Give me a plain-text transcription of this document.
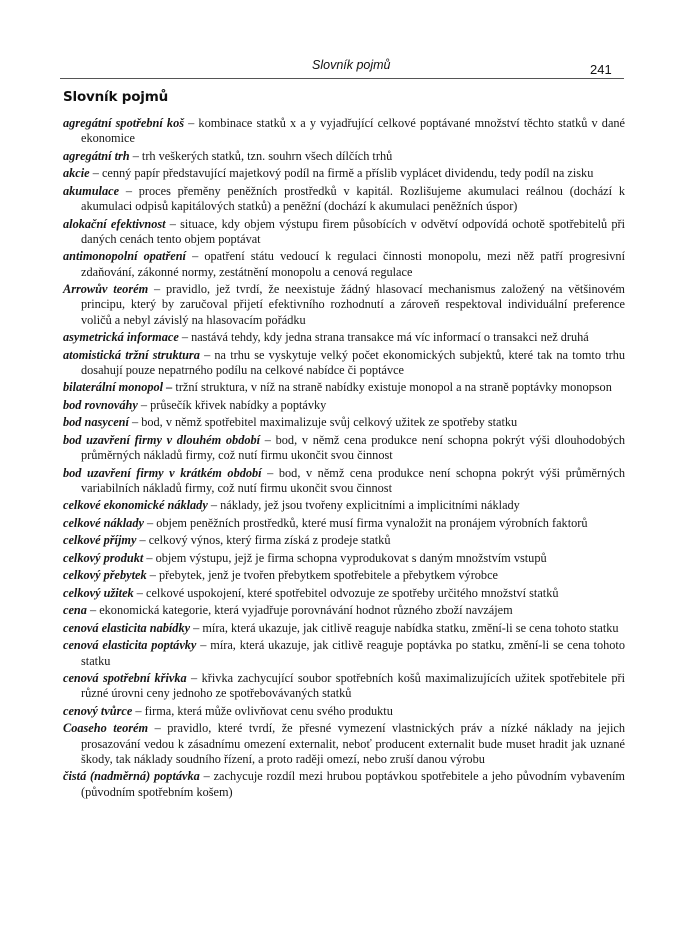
Slovník pojmů	241
Slovník pojmů

agregátní spotřební koš – kombinace statků x a y vyjadřující celkové poptávané množství těchto statků v dané ekonomice

agregátní trh – trh veškerých statků, tzn. souhrn všech dílčích trhů

akcie – cenný papír představující majetkový podíl na firmě a příslib vyplácet dividendu, tedy podíl na zisku

akumulace – proces přeměny peněžních prostředků v kapitál. Rozlišujeme akumulaci reálnou (dochází k akumulaci odpisů kapitálových statků) a peněžní (dochází k akumulaci peněžních úspor)

alokační efektivnost – situace, kdy objem výstupu firem působících v odvětví odpovídá ochotě spotřebitelů při daných cenách tento objem poptávat

antimonopolní opatření – opatření státu vedoucí k regulaci činnosti monopolu, mezi něž patří progresivní zdaňování, zákonné normy, zestátnění monopolu a cenová regulace

Arrowův teorém – pravidlo, jež tvrdí, že neexistuje žádný hlasovací mechanismus založený na většinovém principu, který by zaručoval přijetí efektivního rozhodnutí a zároveň respektoval individuální preference voličů a nebyl závislý na hlasovacím pořádku

asymetrická informace – nastává tehdy, kdy jedna strana transakce má víc informací o transakci než druhá

atomistická tržní struktura – na trhu se vyskytuje velký počet ekonomických subjektů, které tak na tomto trhu dosahují pouze nepatrného podílu na celkové nabídce či poptávce

bilaterální monopol – tržní struktura, v níž na straně nabídky existuje monopol a na straně poptávky monopson

bod rovnováhy – průsečík křivek nabídky a poptávky

bod nasycení – bod, v němž spotřebitel maximalizuje svůj celkový užitek ze spotřeby statku

bod uzavření firmy v dlouhém období – bod, v němž cena produkce není schopna pokrýt výši dlouhodobých průměrných nákladů firmy, což nutí firmu ukončit svou činnost

bod uzavření firmy v krátkém období – bod, v němž cena produkce není schopna pokrýt výši průměrných variabilních nákladů firmy, což nutí firmu ukončit svou činnost

celkové ekonomické náklady – náklady, jež jsou tvořeny explicitními a implicitními náklady

celkové náklady – objem peněžních prostředků, které musí firma vynaložit na pronájem výrobních faktorů

celkové příjmy – celkový výnos, který firma získá z prodeje statků

celkový produkt – objem výstupu, jejž je firma schopna vyprodukovat s daným množstvím vstupů

celkový přebytek – přebytek, jenž je tvořen přebytkem spotřebitele a přebytkem výrobce

celkový užitek – celkové uspokojení, které spotřebitel odvozuje ze spotřeby určitého množství statků

cena – ekonomická kategorie, která vyjadřuje porovnávání hodnot různého zboží navzájem

cenová elasticita nabídky – míra, která ukazuje, jak citlivě reaguje nabídka statku, změní-li se cena tohoto statku

cenová elasticita poptávky – míra, která ukazuje, jak citlivě reaguje poptávka po statku, změní-li se cena tohoto statku

cenová spotřební křivka – křivka zachycující soubor spotřebních košů maximalizujících užitek spotřebitele při různé úrovni ceny jednoho ze spotřebovávaných statků

cenový tvůrce – firma, která může ovlivňovat cenu svého produktu

Coaseho teorém – pravidlo, které tvrdí, že přesné vymezení vlastnických práv a nízké náklady na jejich prosazování vedou k zásadnímu omezení externalit, neboť producent externalit bude muset hradit jak uznané škody, tak náklady soudního řízení, a proto raději omezí, nebo zruší danou výrobu

čistá (nadměrná) poptávka – zachycuje rozdíl mezi hrubou poptávkou spotřebitele a jeho původním vybavením (původním spotřebním košem)
